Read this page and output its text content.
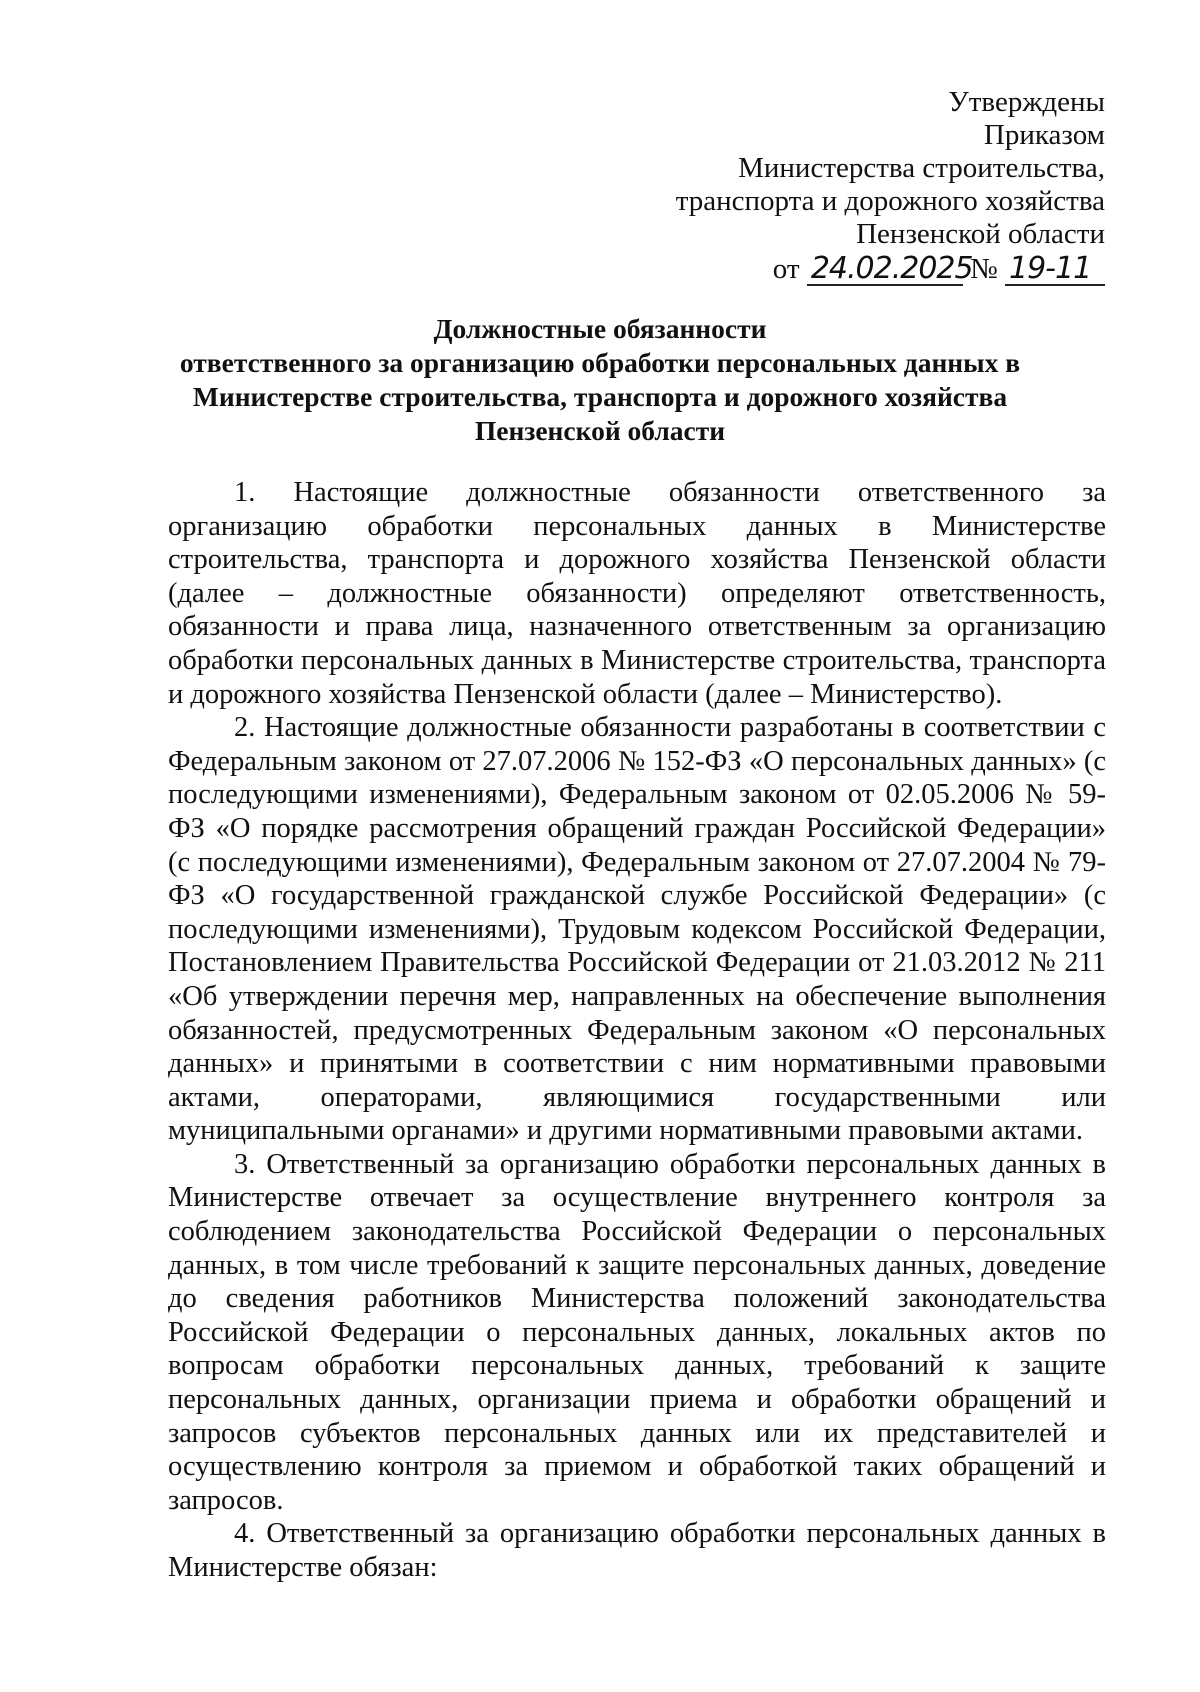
Утверждены
Приказом
Министерства строительства,
транспорта и дорожного хозяйства
Пензенской области
от 24.02.2025 № 19-11
Должностные обязанности
ответственного за организацию обработки персональных данных в
Министерстве строительства, транспорта и дорожного хозяйства
Пензенской области

1. Настоящие должностные обязанности ответственного за организацию обработки персональных данных в Министерстве строительства, транспорта и дорожного хозяйства Пензенской области (далее – должностные обязанности) определяют ответственность, обязанности и права лица, назначенного ответственным за организацию обработки персональных данных в Министерстве строительства, транспорта и дорожного хозяйства Пензенской области (далее – Министерство).

2. Настоящие должностные обязанности разработаны в соответствии с Федеральным законом от 27.07.2006 № 152-ФЗ «О персональных данных» (с последующими изменениями), Федеральным законом от 02.05.2006 № 59-ФЗ «О порядке рассмотрения обращений граждан Российской Федерации» (с последующими изменениями), Федеральным законом от 27.07.2004 № 79-ФЗ «О государственной гражданской службе Российской Федерации» (с последующими изменениями), Трудовым кодексом Российской Федерации, Постановлением Правительства Российской Федерации от 21.03.2012 № 211 «Об утверждении перечня мер, направленных на обеспечение выполнения обязанностей, предусмотренных Федеральным законом «О персональных данных» и принятыми в соответствии с ним нормативными правовыми актами, операторами, являющимися государственными или муниципальными органами» и другими нормативными правовыми актами.

3. Ответственный за организацию обработки персональных данных в Министерстве отвечает за осуществление внутреннего контроля за соблюдением законодательства Российской Федерации о персональных данных, в том числе требований к защите персональных данных, доведение до сведения работников Министерства положений законодательства Российской Федерации о персональных данных, локальных актов по вопросам обработки персональных данных, требований к защите персональных данных, организации приема и обработки обращений и запросов субъектов персональных данных или их представителей и осуществлению контроля за приемом и обработкой таких обращений и запросов.

4. Ответственный за организацию обработки персональных данных в Министерстве обязан:
